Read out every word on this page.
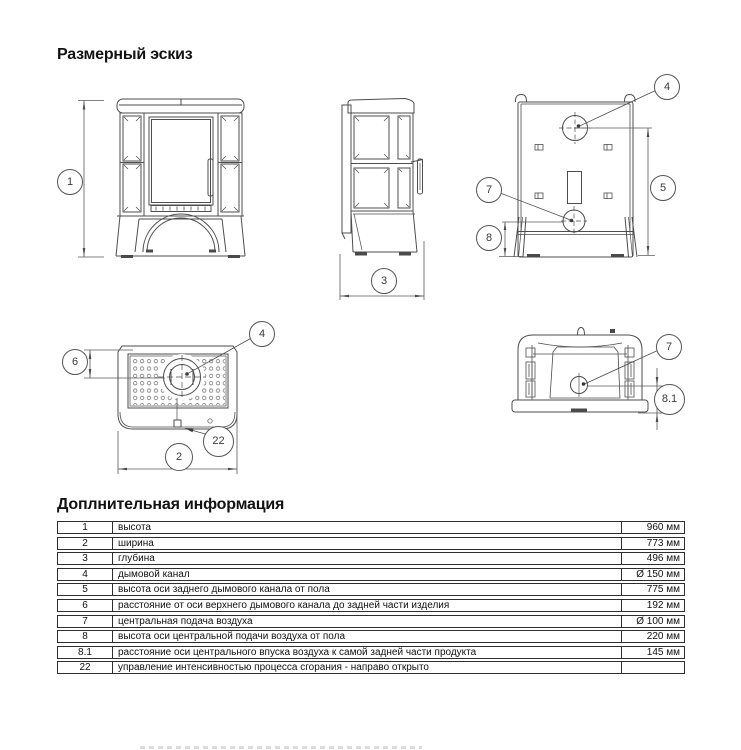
Размерный эскиз
1
3
4
5
7
8
6
4
22
2
7
8.1
Доплнительная информация
1	высота	960 мм
2	ширина	773 мм
3	глубина	496 мм
4	дымовой канал	Ø 150 мм
5	высота оси заднего дымового канала от пола	775 мм
6	расстояние от оси верхнего дымового канала до задней части изделия	192 мм
7	центральная подача воздуха	Ø 100 мм
8	высота оси центральной подачи воздуха от пола	220 мм
8.1	расстояние оси центрального впуска воздуха к самой задней части продукта	145 мм
22	управление интенсивностью процесса сгорания - направо открыто
